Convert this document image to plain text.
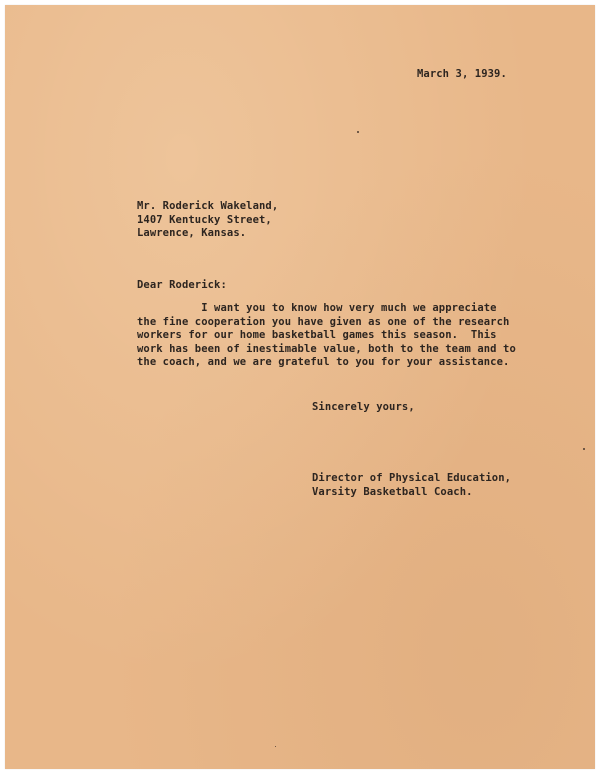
March 3, 1939.
Mr. Roderick Wakeland,
1407 Kentucky Street,
Lawrence, Kansas.
Dear Roderick:
I want you to know how very much we appreciate
the fine cooperation you have given as one of the research
workers for our home basketball games this season.  This
work has been of inestimable value, both to the team and to
the coach, and we are grateful to you for your assistance.
Sincerely yours,
Director of Physical Education,
Varsity Basketball Coach.
